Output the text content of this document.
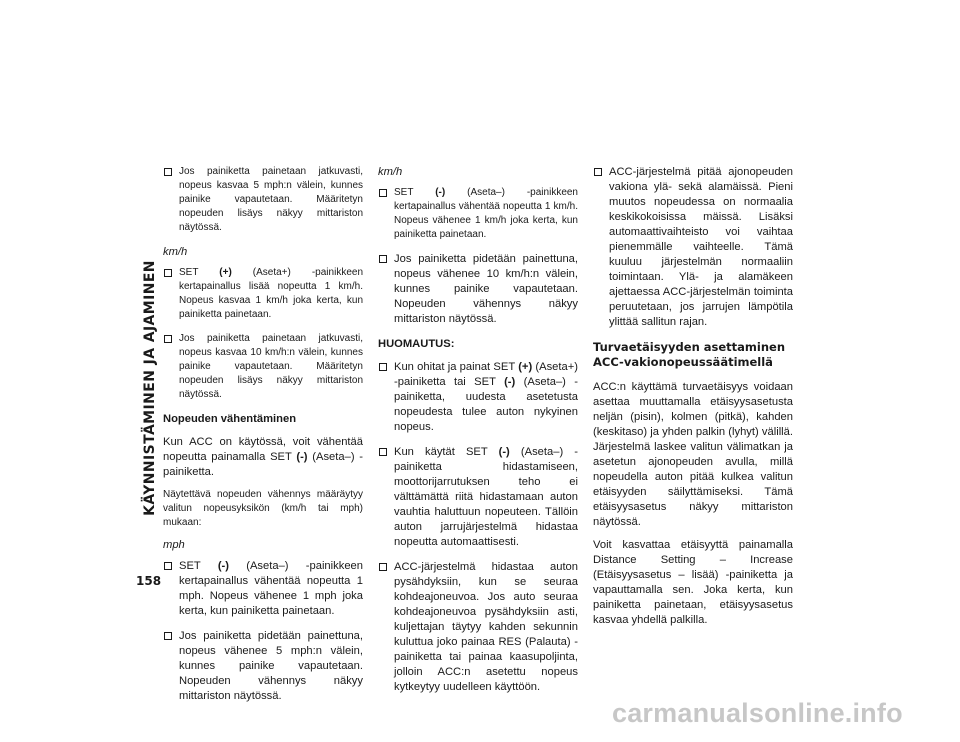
KÄYNNISTÄMINEN JA AJAMINEN
158
Jos painiketta painetaan jatkuvasti, nopeus kasvaa 5 mph:n välein, kunnes painike vapautetaan. Määritetyn nopeuden lisäys näkyy mittariston näytössä.
km/h
SET (+) (Aseta+) -painikkeen kertapainallus lisää nopeutta 1 km/h. Nopeus kasvaa 1 km/h joka kerta, kun painiketta painetaan.
Jos painiketta painetaan jatkuvasti, nopeus kasvaa 10 km/h:n välein, kunnes painike vapautetaan. Määritetyn nopeuden lisäys näkyy mittariston näytössä.
Nopeuden vähentäminen
Kun ACC on käytössä, voit vähentää nopeutta painamalla SET (-) (Aseta–) -painiketta.
Näytettävä nopeuden vähennys määräytyy valitun nopeusyksikön (km/h tai mph) mukaan:
mph
SET (-) (Aseta–) -painikkeen kertapainallus vähentää nopeutta 1 mph. Nopeus vähenee 1 mph joka kerta, kun painiketta painetaan.
Jos painiketta pidetään painettuna, nopeus vähenee 5 mph:n välein, kunnes painike vapautetaan. Nopeuden vähennys näkyy mittariston näytössä.
km/h
SET (-) (Aseta–) -painikkeen kertapainallus vähentää nopeutta 1 km/h. Nopeus vähenee 1 km/h joka kerta, kun painiketta painetaan.
Jos painiketta pidetään painettuna, nopeus vähenee 10 km/h:n välein, kunnes painike vapautetaan. Nopeuden vähennys näkyy mittariston näytössä.
HUOMAUTUS:
Kun ohitat ja painat SET (+) (Aseta+) -painiketta tai SET (-) (Aseta–) -painiketta, uudesta asetetusta nopeudesta tulee auton nykyinen nopeus.
Kun käytät SET (-) (Aseta–) -painiketta hidastamiseen, moottorijarrutuksen teho ei välttämättä riitä hidastamaan auton vauhtia haluttuun nopeuteen. Tällöin auton jarrujärjestelmä hidastaa nopeutta automaattisesti.
ACC-järjestelmä hidastaa auton pysähdyksiin, kun se seuraa kohdeajoneuvoa. Jos auto seuraa kohdeajoneuvoa pysähdyksiin asti, kuljettajan täytyy kahden sekunnin kuluttua joko painaa RES (Palauta) -painiketta tai painaa kaasupoljinta, jolloin ACC:n asetettu nopeus kytkeytyy uudelleen käyttöön.
ACC-järjestelmä pitää ajonopeuden vakiona ylä- sekä alamäissä. Pieni muutos nopeudessa on normaalia keskikokoisissa mäissä. Lisäksi automaattivaihteisto voi vaihtaa pienemmälle vaihteelle. Tämä kuuluu järjestelmän normaaliin toimintaan. Ylä- ja alamäkeen ajettaessa ACC-järjestelmän toiminta peruutetaan, jos jarrujen lämpötila ylittää sallitun rajan.
Turvaetäisyyden asettaminen
ACC-vakionopeussäätimellä
ACC:n käyttämä turvaetäisyys voidaan asettaa muuttamalla etäisyysasetusta neljän (pisin), kolmen (pitkä), kahden (keskitaso) ja yhden palkin (lyhyt) välillä. Järjestelmä laskee valitun välimatkan ja asetetun ajonopeuden avulla, millä nopeudella auton pitää kulkea valitun etäisyyden säilyttämiseksi. Tämä etäisyysasetus näkyy mittariston näytössä.
Voit kasvattaa etäisyyttä painamalla Distance Setting – Increase (Etäisyysasetus – lisää) -painiketta ja vapauttamalla sen. Joka kerta, kun painiketta painetaan, etäisyysasetus kasvaa yhdellä palkilla.
carmanualsonline.info
